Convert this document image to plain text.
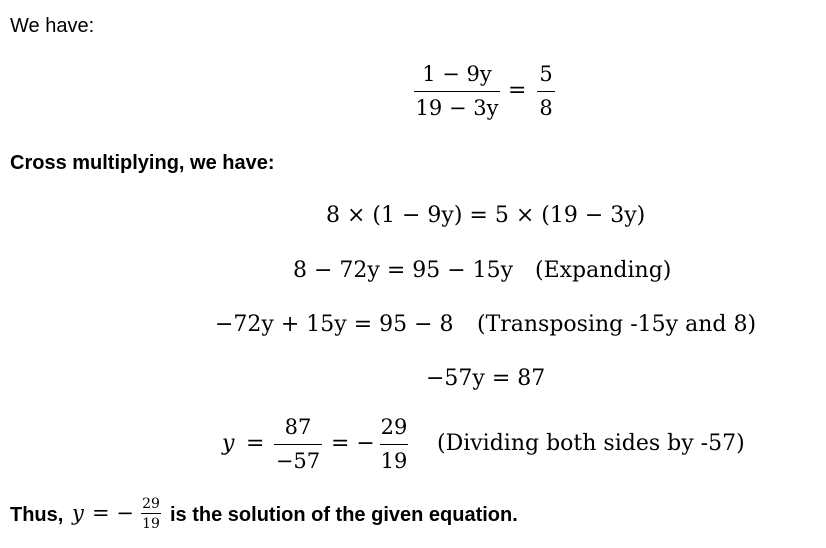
We have:
1 − 9y
19 − 3y
=
5
8
Cross multiplying, we have:
8 × (1 − 9y) = 5 × (19 − 3y)
8 − 72y = 95 − 15y (Expanding)
−72y + 15y = 95 − 8 (Transposing -15y and 8)
−57y = 87
y =
87
−57
= −
29
19
(Dividing both sides by -57)
Thus, y = − 29
19 is the solution of the given equation.
